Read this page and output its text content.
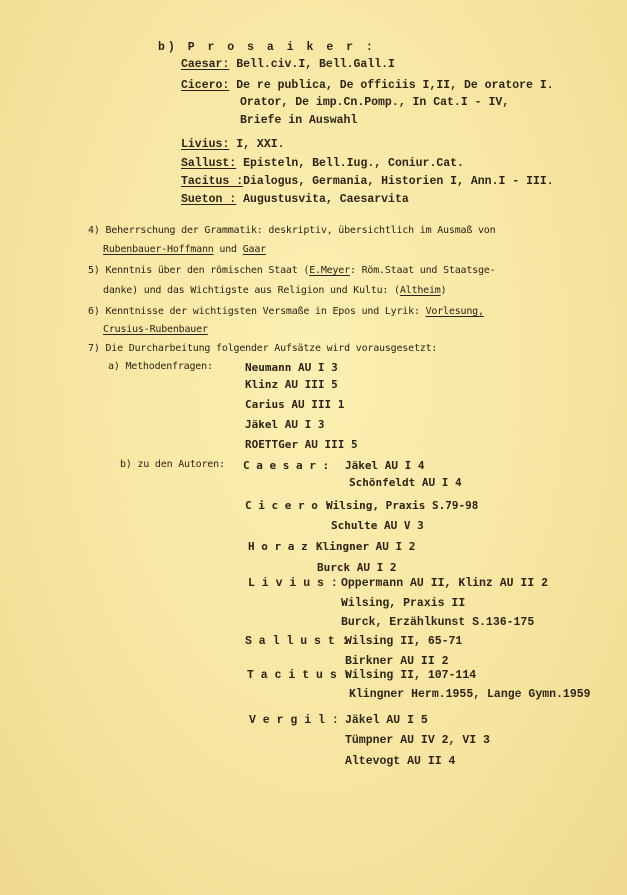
b) P r o s a i k e r :
Caesar: Bell.civ.I, Bell.Gall.I
Cicero: De re publica, De officiis I,II, De oratore I.
Orator, De imp.Cn.Pomp., In Cat.I - IV,
Briefe in Auswahl
Livius: I, XXI.
Sallust: Episteln, Bell.Iug., Coniur.Cat.
Tacitus :Dialogus, Germania, Historien I, Ann.I - III.
Sueton : Augustusvita, Caesarvita
4) Beherrschung der Grammatik: deskriptiv, übersichtlich im Ausmaß von
Rubenbauer-Hoffmann und Gaar
5) Kenntnis über den römischen Staat (E.Meyer: Röm.Staat und Staatsge-
danke) und das Wichtigste aus Religion und Kultu: (Altheim)
6) Kenntnisse der wichtigsten Versmaße in Epos und Lyrik: Vorlesung,
Crusius-Rubenbauer
7) Die Durcharbeitung folgender Aufsätze wird vorausgesetzt:
a) Methodenfragen:	Neumann AU I 3
Klinz AU III 5
Carius AU III 1
Jäkel AU I 3
ROETTGer AU III 5
b) zu den Autoren: C a e s a r : Jäkel AU I 4
Schönfeldt AU I 4
C i c e r o :
Wilsing, Praxis S.79-98
Schulte AU V 3
H o r a z :
Klingner AU I 2
Burck AU I 2
L i v i u s : Oppermann AU II, Klinz AU II 2
Wilsing, Praxis II
Burck, Erzählkunst S.136-175
S a l l u s t :
Wilsing II, 65-71
Birkner AU II 2
T a c i t u s :
Wilsing II, 107-114
Klingner Herm.1955, Lange Gymn.1959
V e r g i l : Jäkel AU I 5
Tümpner AU IV 2, VI 3
Altevogt AU II 4
